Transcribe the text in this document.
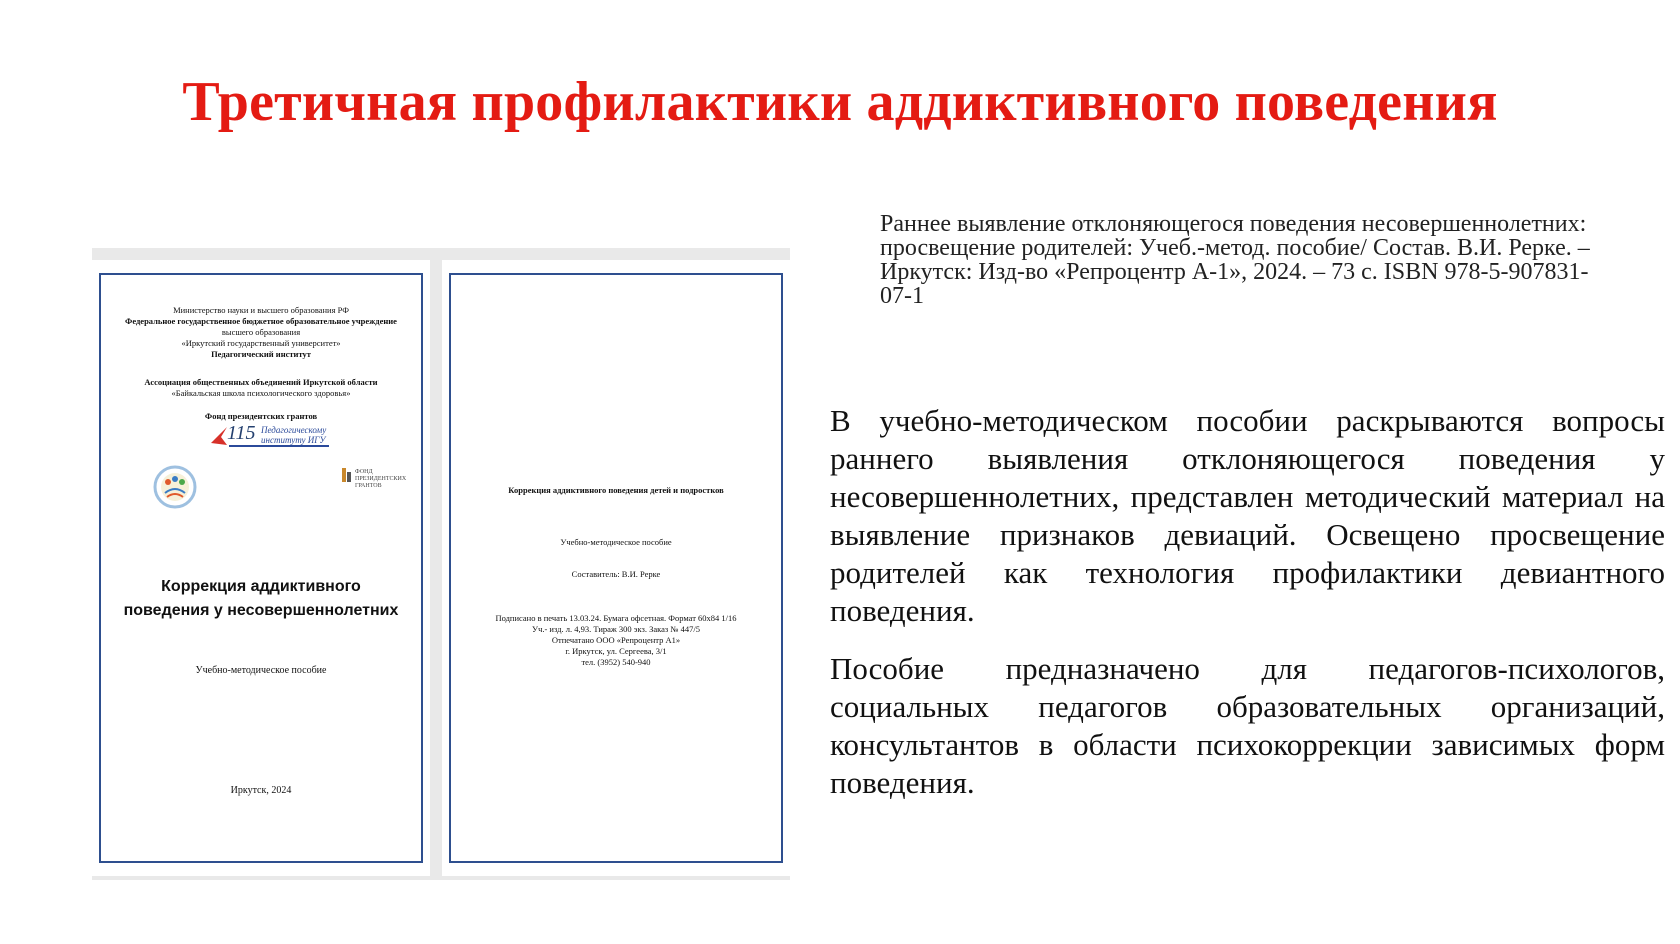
Третичная профилактики аддиктивного поведения

Министерство науки и высшего образования РФ

Федеральное государственное бюджетное образовательное учреждение

высшего образования

«Иркутский государственный университет»

Педагогический институт

Ассоциация общественных объединений Иркутской области

«Байкальская школа психологического здоровья»

Фонд президентских грантов

115 Педагогическому
институту ИГУ
ФОНД ПРЕЗИДЕНТСКИХ ГРАНТОВ
Коррекция аддиктивного
поведения у несовершеннолетних
Учебно-методическое пособие
Иркутск, 2024
Коррекция аддиктивного поведения детей и подростков
Учебно-методическое пособие
Составитель: В.И. Рерке

Подписано в печать 13.03.24. Бумага офсетная. Формат 60х84 1/16

Уч.- изд. л. 4,93. Тираж 300 экз. Заказ № 447/5

Отпечатано ООО «Репроцентр А1»

г. Иркутск, ул. Сергеева, 3/1

тел. (3952) 540-940

Раннее выявление отклоняющегося поведения несовершеннолетних: просвещение родителей: Учеб.-метод. пособие/ Состав. В.И. Рерке. – Иркутск: Изд-во «Репроцентр А-1», 2024. – 73 с. ISBN 978-5-907831-07-1

В учебно-методическом пособии раскрываются вопросы раннего выявления отклоняющегося поведения у несовершеннолетних, представлен методический материал на выявление признаков девиаций. Освещено просвещение родителей как технология профилактики девиантного поведения.

Пособие предназначено для педагогов-психологов, социальных педагогов образовательных организаций, консультантов в области психокоррекции зависимых форм поведения.
